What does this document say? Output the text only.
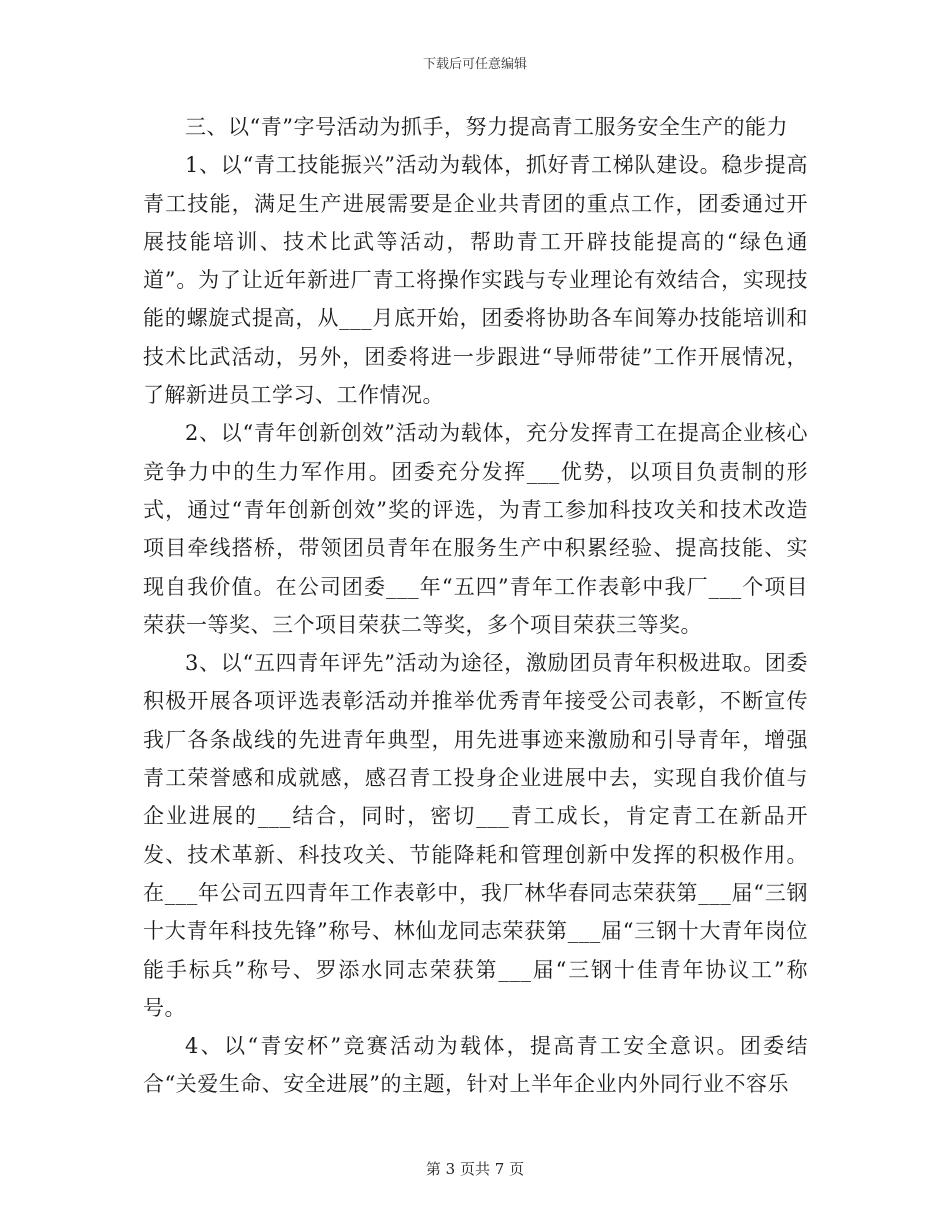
下载后可任意编辑

三、以“青”字号活动为抓手，努力提高青工服务安全生产的能力

1、以“青工技能振兴”活动为载体，抓好青工梯队建设。稳步提高青工技能，满足生产进展需要是企业共青团的重点工作，团委通过开展技能培训、技术比武等活动，帮助青工开辟技能提高的“绿色通道”。为了让近年新进厂青工将操作实践与专业理论有效结合，实现技能的螺旋式提高，从___月底开始，团委将协助各车间筹办技能培训和技术比武活动，另外，团委将进一步跟进“导师带徒”工作开展情况，了解新进员工学习、工作情况。

2、以“青年创新创效”活动为载体，充分发挥青工在提高企业核心竞争力中的生力军作用。团委充分发挥___优势，以项目负责制的形式，通过“青年创新创效”奖的评选，为青工参加科技攻关和技术改造项目牵线搭桥，带领团员青年在服务生产中积累经验、提高技能、实现自我价值。在公司团委___年“五四”青年工作表彰中我厂___个项目荣获一等奖、三个项目荣获二等奖，多个项目荣获三等奖。

3、以“五四青年评先”活动为途径，激励团员青年积极进取。团委积极开展各项评选表彰活动并推举优秀青年接受公司表彰，不断宣传我厂各条战线的先进青年典型，用先进事迹来激励和引导青年，增强青工荣誉感和成就感，感召青工投身企业进展中去，实现自我价值与企业进展的___结合，同时，密切___青工成长，肯定青工在新品开发、技术革新、科技攻关、节能降耗和管理创新中发挥的积极作用。在___年公司五四青年工作表彰中，我厂林华春同志荣获第___届“三钢十大青年科技先锋”称号、林仙龙同志荣获第___届“三钢十大青年岗位能手标兵”称号、罗添水同志荣获第___届“三钢十佳青年协议工”称号。

4、以“青安杯”竞赛活动为载体，提高青工安全意识。团委结合“关爱生命、安全进展”的主题，针对上半年企业内外同行业不容乐

第 3 页共 7 页
